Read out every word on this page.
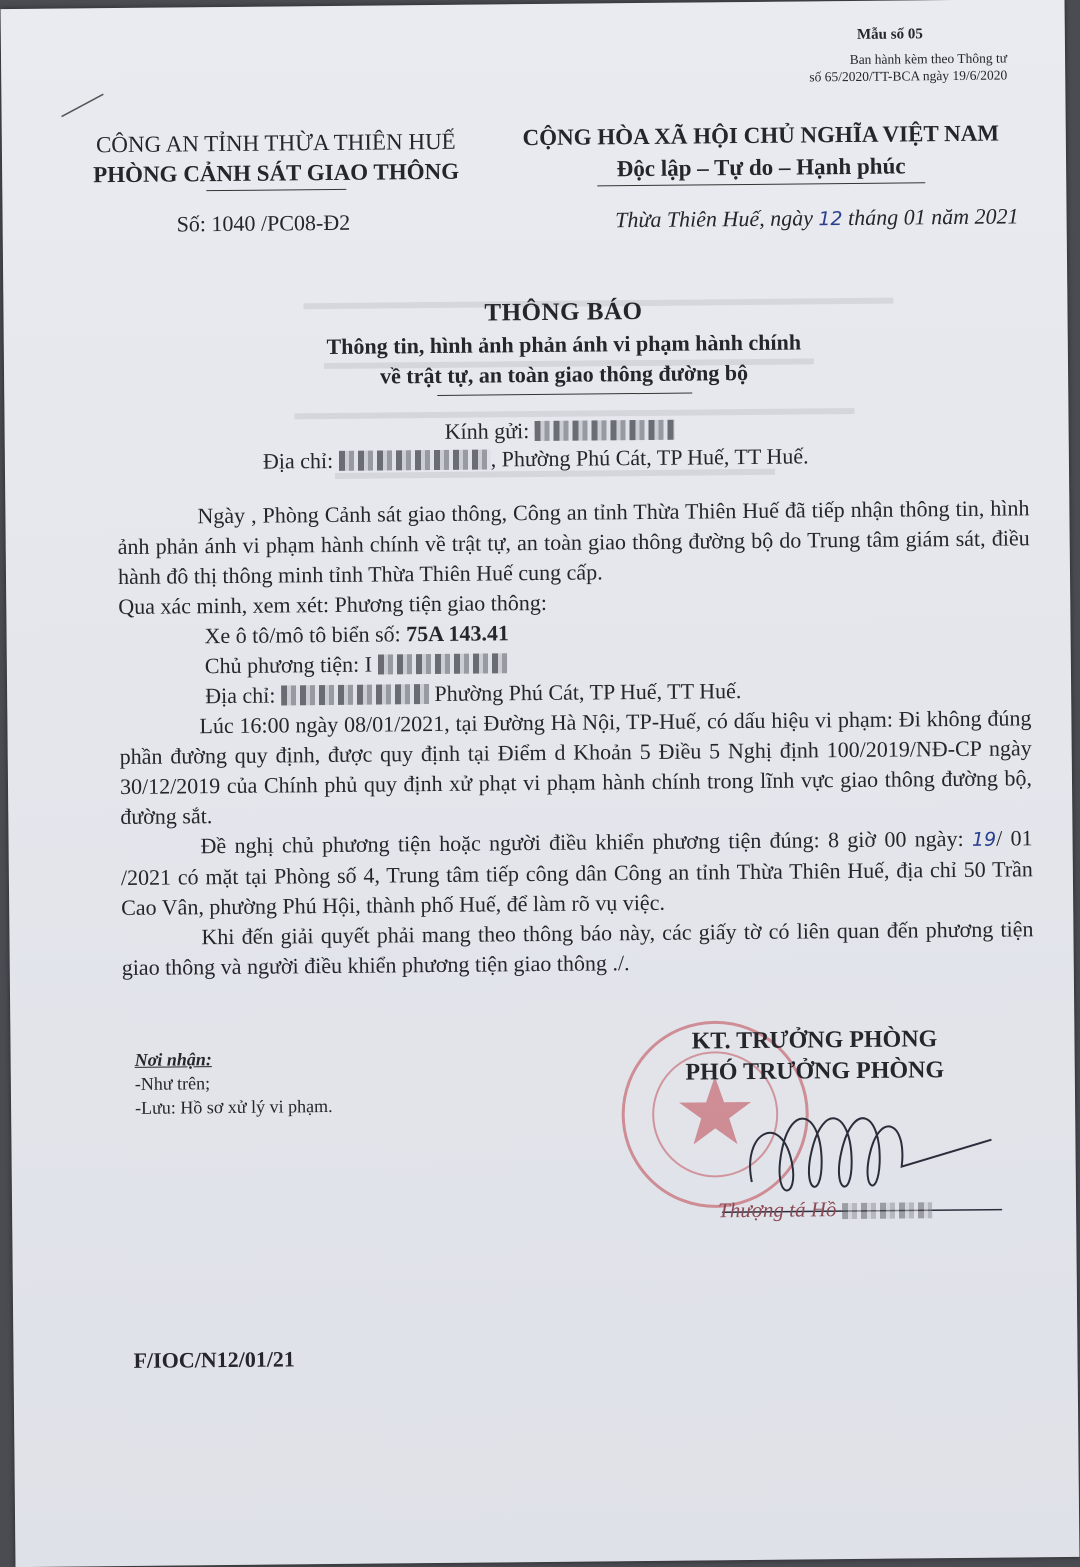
Mẫu số 05
Ban hành kèm theo Thông tư
số 65/2020/TT-BCA ngày 19/6/2020
CÔNG AN TỈNH THỪA THIÊN HUẾ
PHÒNG CẢNH SÁT GIAO THÔNG
CỘNG HÒA XÃ HỘI CHỦ NGHĨA VIỆT NAM
Độc lập – Tự do – Hạnh phúc
Số: 1040 /PC08-Đ2	Thừa Thiên Huế, ngày 12 tháng 01 năm 2021
THÔNG BÁO
Thông tin, hình ảnh phản ánh vi phạm hành chính
về trật tự, an toàn giao thông đường bộ
Kính gửi:
Địa chỉ:	, Phường Phú Cát, TP Huế, TT Huế.

Ngày , Phòng Cảnh sát giao thông, Công an tỉnh Thừa Thiên Huế đã tiếp nhận thông tin, hình ảnh phản ánh vi phạm hành chính về trật tự, an toàn giao thông đường bộ do Trung tâm giám sát, điều hành đô thị thông minh tỉnh Thừa Thiên Huế cung cấp.

Qua xác minh, xem xét: Phương tiện giao thông:

Xe ô tô/mô tô biển số: 75A 143.41

Chủ phương tiện: I

Địa chỉ:	Phường Phú Cát, TP Huế, TT Huế.

Lúc 16:00 ngày 08/01/2021, tại Đường Hà Nội, TP-Huế, có dấu hiệu vi phạm: Đi không đúng phần đường quy định, được quy định tại Điểm d Khoản 5 Điều 5 Nghị định 100/2019/NĐ-CP ngày 30/12/2019 của Chính phủ quy định xử phạt vi phạm hành chính trong lĩnh vực giao thông đường bộ, đường sắt.

Đề nghị chủ phương tiện hoặc người điều khiển phương tiện đúng: 8 giờ 00 ngày: 19/ 01 /2021 có mặt tại Phòng số 4, Trung tâm tiếp công dân Công an tỉnh Thừa Thiên Huế, địa chỉ 50 Trần Cao Vân, phường Phú Hội, thành phố Huế, để làm rõ vụ việc.

Khi đến giải quyết phải mang theo thông báo này, các giấy tờ có liên quan đến phương tiện giao thông và người điều khiển phương tiện giao thông ./.

Nơi nhận:
-Như trên;
-Lưu: Hồ sơ xử lý vi phạm.
KT. TRƯỞNG PHÒNG
PHÓ TRƯỞNG PHÒNG
Thượng tá Hồ
F/IOC/N12/01/21
